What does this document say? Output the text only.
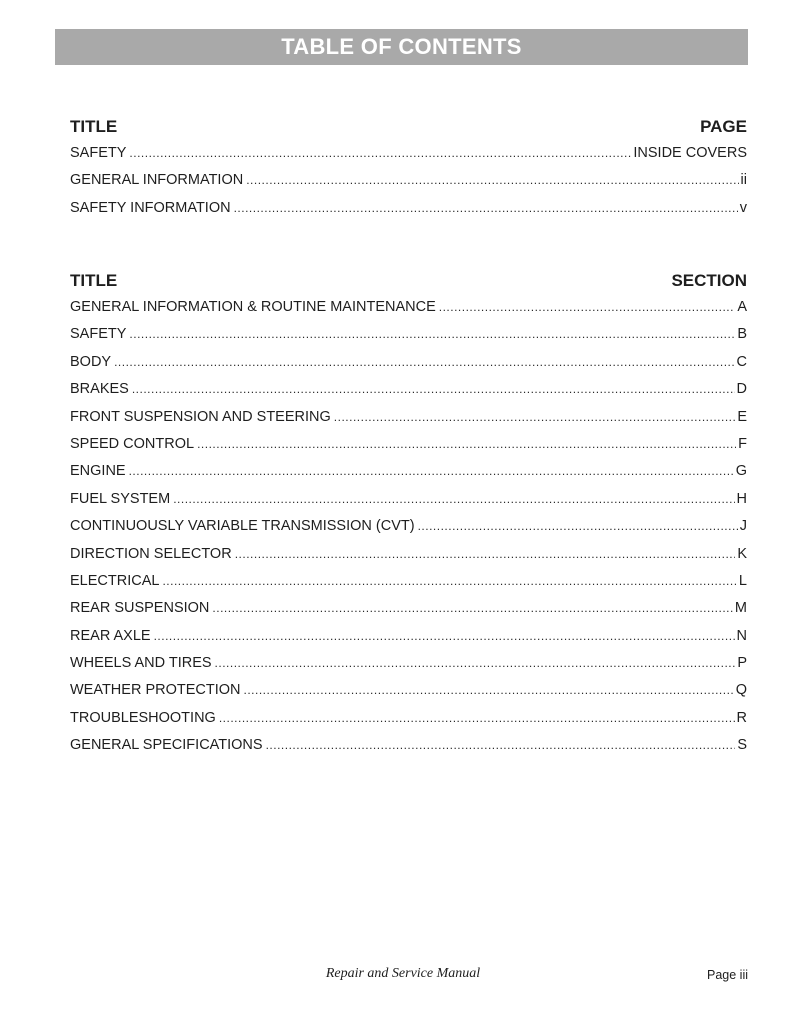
TABLE OF CONTENTS
TITLE	PAGE
SAFETY .....	INSIDE COVERS
GENERAL INFORMATION .....	ii
SAFETY INFORMATION .....	v
TITLE	SECTION
GENERAL INFORMATION & ROUTINE MAINTENANCE .....	A
SAFETY .....	B
BODY .....	C
BRAKES .....	D
FRONT SUSPENSION AND STEERING .....	E
SPEED CONTROL .....	F
ENGINE .....	G
FUEL SYSTEM .....	H
CONTINUOUSLY VARIABLE TRANSMISSION (CVT) .....	J
DIRECTION SELECTOR .....	K
ELECTRICAL .....	L
REAR SUSPENSION .....	M
REAR AXLE .....	N
WHEELS AND TIRES .....	P
WEATHER PROTECTION .....	Q
TROUBLESHOOTING .....	R
GENERAL SPECIFICATIONS .....	S
Repair and Service Manual	Page iii
